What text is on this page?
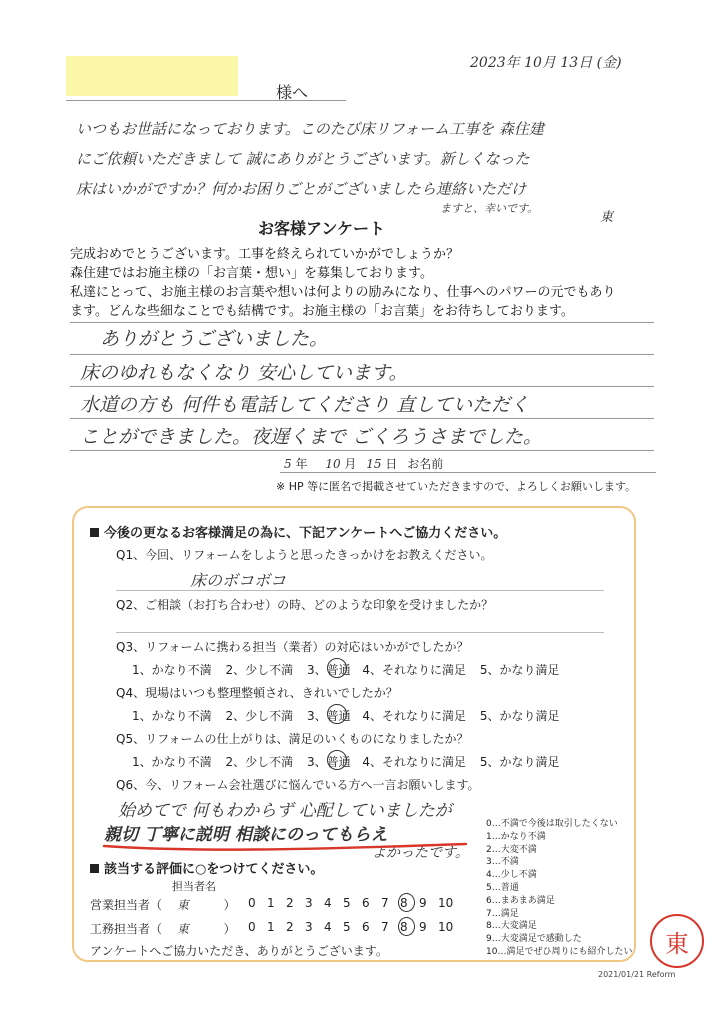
2023年 10月 13日 (金)
様へ
いつもお世話になっております。このたび床リフォーム工事を 森住建
にご依頼いただきまして 誠にありがとうございます。新しくなった
床はいかがですか？何かお困りごとがございましたら連絡いただけ
ますと、幸いです。
東
お客様アンケート
完成おめでとうございます。工事を終えられていかがでしょうか？
森住建ではお施主様の「お言葉・想い」を募集しております。
私達にとって、お施主様のお言葉や想いは何よりの励みになり、仕事へのパワーの元でもあり
ます。どんな些細なことでも結構です。お施主様の「お言葉」をお待ちしております。
ありがとうございました。
床のゆれもなくなり 安心しています。
水道の方も 何件も電話してくださり 直していただく
ことができました。夜遅くまで ごくろうさまでした。
5 年 10 月 15 日 お名前
※ HP 等に匿名で掲載させていただきますので、よろしくお願いします。
今後の更なるお客様満足の為に、下記アンケートへご協力ください。
Q1、今回、リフォームをしようと思ったきっかけをお教えください。
床のボコボコ
Q2、ご相談（お打ち合わせ）の時、どのような印象を受けましたか？
Q3、リフォームに携わる担当（業者）の対応はいかがでしたか？
1、かなり不満 2、少し不満 3、普通 4、それなりに満足 5、かなり満足
Q4、現場はいつも整理整頓され、きれいでしたか？
1、かなり不満 2、少し不満 3、普通 4、それなりに満足 5、かなり満足
Q5、リフォームの仕上がりは、満足のいくものになりましたか？
1、かなり不満 2、少し不満 3、普通 4、それなりに満足 5、かなり満足
Q6、今、リフォーム会社選びに悩んでいる方へ一言お願いします。
始めてで 何もわからず 心配していましたが
親切 丁寧に説明 相談にのってもらえ
よかったです。
該当する評価に○をつけてください。
担当者名
営業担当者（ 東	） 0 1 2 3 4 5 6 7 8 9 10
工務担当者（ 東	） 0 1 2 3 4 5 6 7 8 9 10
アンケートへご協力いただき、ありがとうございます。
0…不満で今後は取引したくない
1…かなり不満
2…大変不満
3…不満
4…少し不満
5…普通
6…まあまあ満足
7…満足
8…大変満足
9…大変満足で感動した
10…満足でぜひ周りにも紹介したい 東
2021/01/21 Reform
